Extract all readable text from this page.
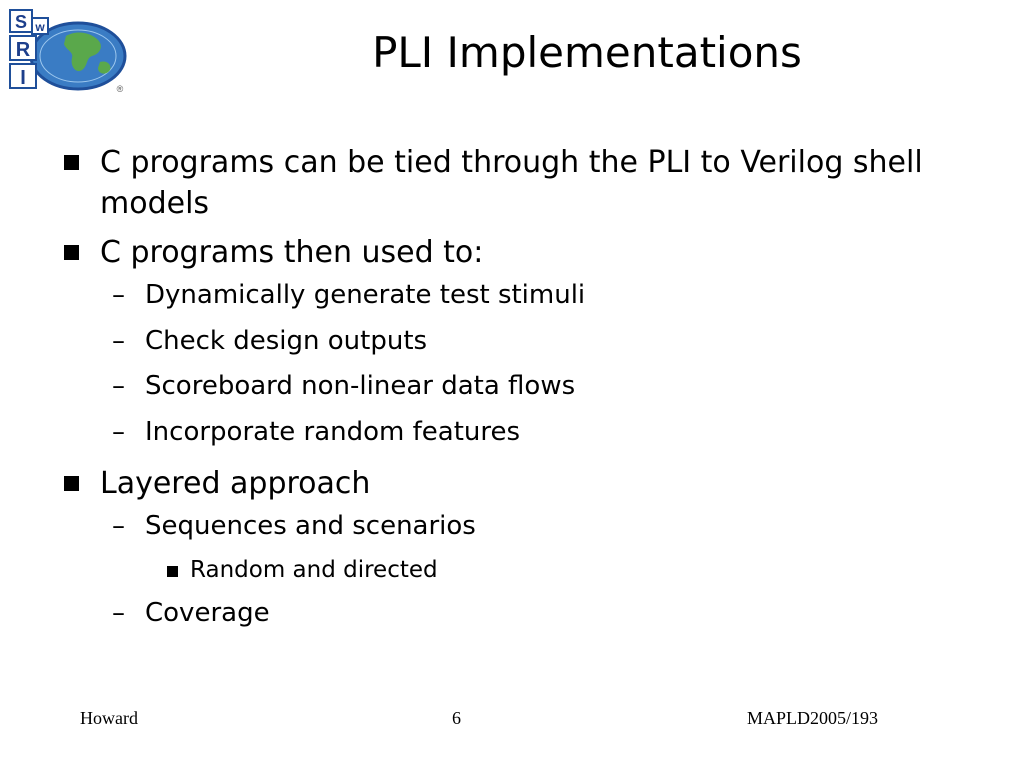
S w
R
I	®
PLI Implementations
C programs can be tied through the PLI to Verilog shell models
C programs then used to:
– Dynamically generate test stimuli
– Check design outputs
– Scoreboard non-linear data flows
– Incorporate random features
Layered approach
– Sequences and scenarios
Random and directed
– Coverage
Howard	6	MAPLD2005/193
